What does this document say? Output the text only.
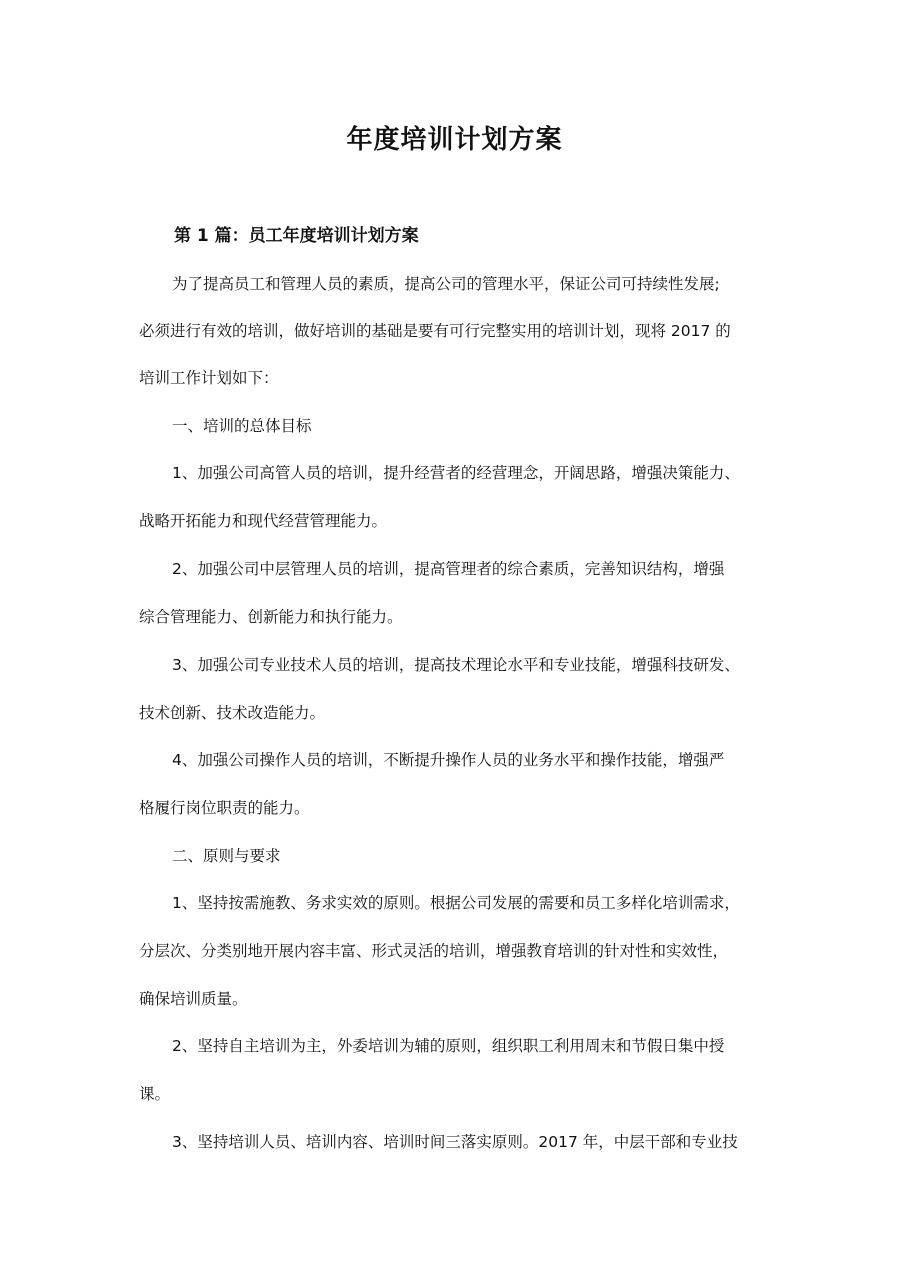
年度培训计划方案
第 1 篇：员工年度培训计划方案

为了提高员工和管理人员的素质，提高公司的管理水平，保证公司可持续性发展;

必须进行有效的培训，做好培训的基础是要有可行完整实用的培训计划，现将 2017 的

培训工作计划如下：

一、培训的总体目标

1、加强公司高管人员的培训，提升经营者的经营理念，开阔思路，增强决策能力、

战略开拓能力和现代经营管理能力。

2、加强公司中层管理人员的培训，提高管理者的综合素质，完善知识结构，增强

综合管理能力、创新能力和执行能力。

3、加强公司专业技术人员的培训，提高技术理论水平和专业技能，增强科技研发、

技术创新、技术改造能力。

4、加强公司操作人员的培训，不断提升操作人员的业务水平和操作技能，增强严

格履行岗位职责的能力。

二、原则与要求

1、坚持按需施教、务求实效的原则。根据公司发展的需要和员工多样化培训需求，

分层次、分类别地开展内容丰富、形式灵活的培训，增强教育培训的针对性和实效性，

确保培训质量。

2、坚持自主培训为主，外委培训为辅的原则，组织职工利用周末和节假日集中授

课。

3、坚持培训人员、培训内容、培训时间三落实原则。2017 年，中层干部和专业技
